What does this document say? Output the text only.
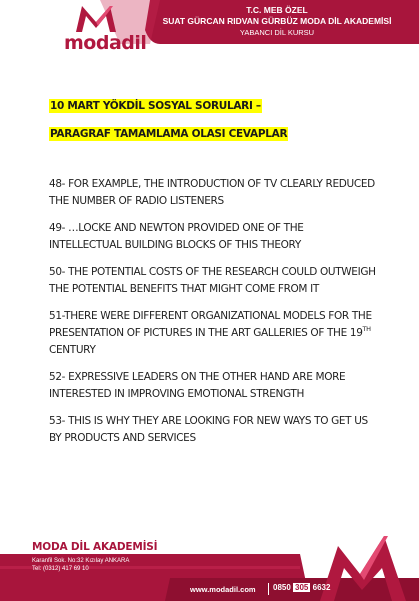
modadil
T.C. MEB ÖZEL
SUAT GÜRCAN RIDVAN GÜRBÜZ MODA DİL AKADEMİSİ
YABANCI DİL KURSU
10 MART YÖKDİL SOSYAL SORULARI –
PARAGRAF TAMAMLAMA OLASI CEVAPLAR

48- FOR EXAMPLE, THE INTRODUCTION OF TV CLEARLY REDUCED THE NUMBER OF RADIO LISTENERS

49- …LOCKE AND NEWTON PROVIDED ONE OF THE INTELLECTUAL BUILDING BLOCKS OF THIS THEORY

50- THE POTENTIAL COSTS OF THE RESEARCH COULD OUTWEIGH THE POTENTIAL BENEFITS THAT MIGHT COME FROM IT

51-THERE WERE DIFFERENT ORGANIZATIONAL MODELS FOR THE PRESENTATION OF PICTURES IN THE ART GALLERIES OF THE 19TH CENTURY

52- EXPRESSIVE LEADERS ON THE OTHER HAND ARE MORE INTERESTED IN IMPROVING EMOTIONAL STRENGTH

53- THIS IS WHY THEY ARE LOOKING FOR NEW WAYS TO GET US BY PRODUCTS AND SERVICES

MODA DİL AKADEMİSİ
Karanfil Sok. No:32 Kızılay ANKARA
Tel: (0312) 417 69 10
www.modadil.com 0850 305 6632
